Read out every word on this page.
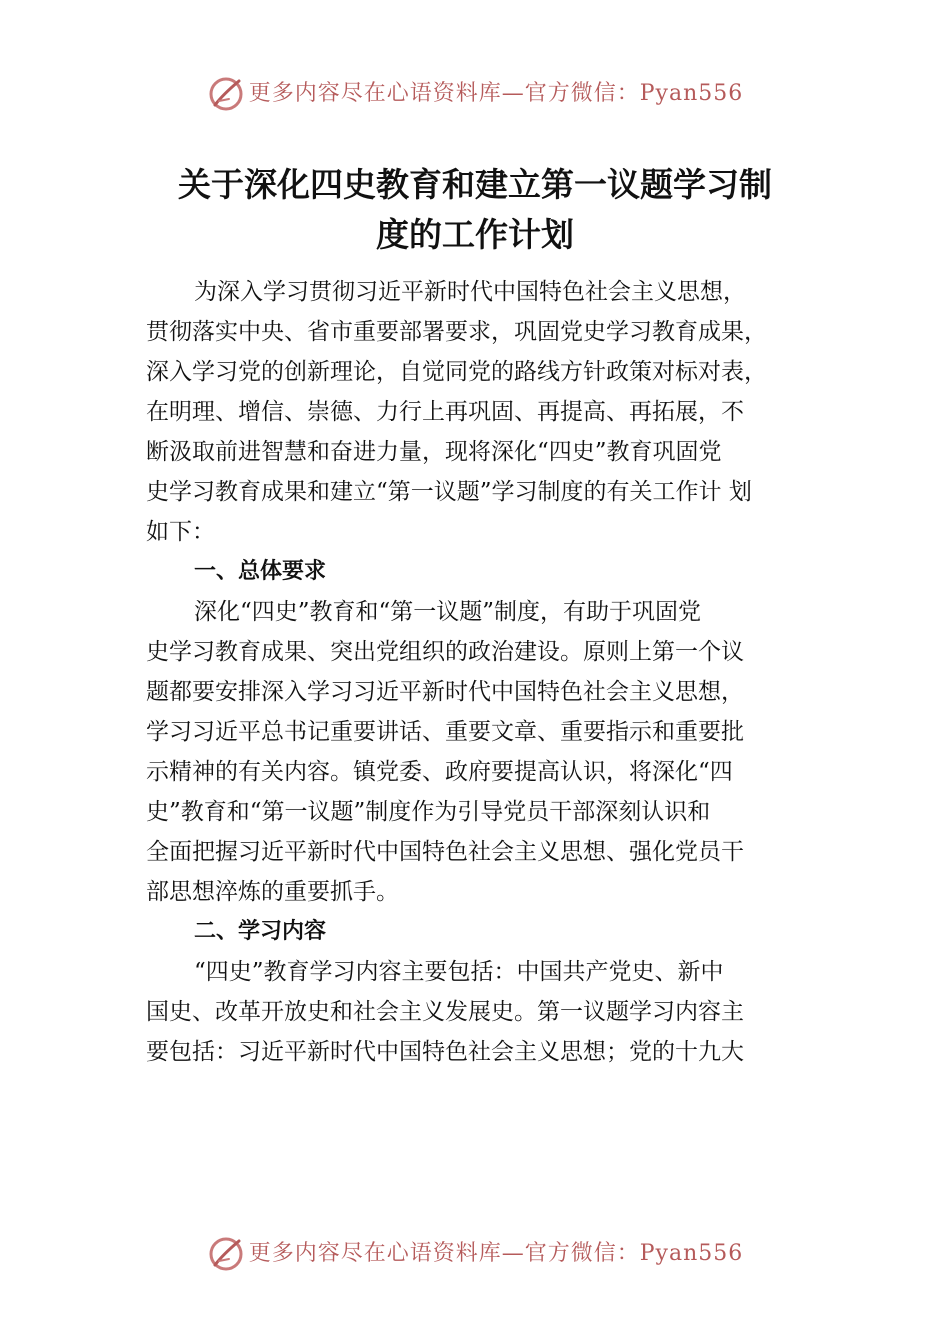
更多内容尽在心语资料库—官方微信：Pyan556
关于深化四史教育和建立第一议题学习制
度的工作计划
为深入学习贯彻习近平新时代中国特色社会主义思想，
贯彻落实中央、省市重要部署要求，巩固党史学习教育成果，
深入学习党的创新理论，自觉同党的路线方针政策对标对表，
在明理、增信、崇德、力行上再巩固、再提高、再拓展，不
断汲取前进智慧和奋进力量，现将深化“四史”教育巩固党
史学习教育成果和建立“第一议题”学习制度的有关工作计 划
如下：
一、总体要求
深化“四史”教育和“第一议题”制度，有助于巩固党
史学习教育成果、突出党组织的政治建设。原则上第一个议
题都要安排深入学习习近平新时代中国特色社会主义思想，
学习习近平总书记重要讲话、重要文章、重要指示和重要批
示精神的有关内容。镇党委、政府要提高认识，将深化“四
史”教育和“第一议题”制度作为引导党员干部深刻认识和
全面把握习近平新时代中国特色社会主义思想、强化党员干
部思想淬炼的重要抓手。
二、学习内容
“四史”教育学习内容主要包括：中国共产党史、新中
国史、改革开放史和社会主义发展史。第一议题学习内容主
要包括：习近平新时代中国特色社会主义思想；党的十九大
更多内容尽在心语资料库—官方微信：Pyan556
